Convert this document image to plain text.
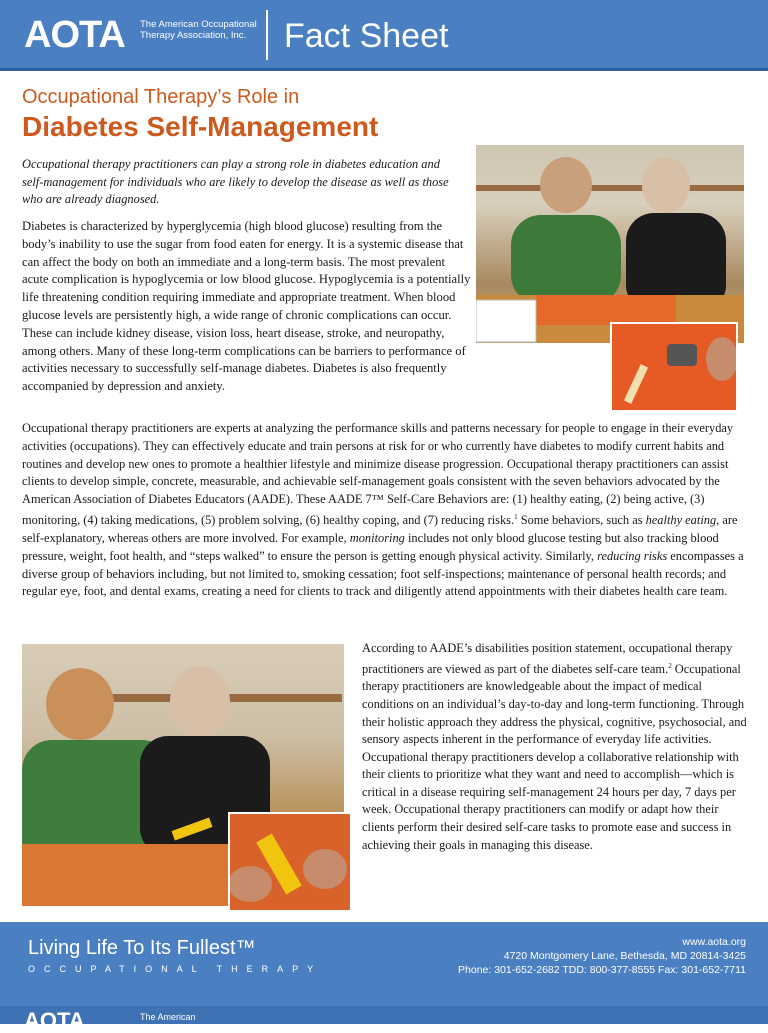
AOTA The American Occupational Therapy Association, Inc.	Fact Sheet
Occupational Therapy’s Role in
Diabetes Self-Management

Occupational therapy practitioners can play a strong role in diabetes education and self-management for individuals who are likely to develop the disease as well as those who are already diagnosed.

Diabetes is characterized by hyperglycemia (high blood glucose) resulting from the body’s inability to use the sugar from food eaten for energy. It is a systemic disease that can affect the body on both an immediate and a long-term basis. The most prevalent acute complication is hypoglycemia or low blood glucose. Hypoglycemia is a potentially life threatening condition requiring immediate and appropriate treatment. When blood glucose levels are persistently high, a wide range of chronic complications can occur. These can include kidney disease, vision loss, heart disease, stroke, and neuropathy, among others. Many of these long-term complications can be barriers to performance of activities necessary to successfully self-manage diabetes. Diabetes is also frequently accompanied by depression and anxiety.

Occupational therapy practitioners are experts at analyzing the performance skills and patterns necessary for people to engage in their everyday activities (occupations). They can effectively educate and train persons at risk for or who currently have diabetes to modify current habits and routines and develop new ones to promote a healthier lifestyle and minimize disease progression. Occupational therapy practitioners can assist clients to develop simple, concrete, measurable, and achievable self-management goals consistent with the seven behaviors advocated by the American Association of Diabetes Educators (AADE). These AADE 7™ Self-Care Behaviors are: (1) healthy eating, (2) being active, (3) monitoring, (4) taking medications, (5) problem solving, (6) healthy coping, and (7) reducing risks.$^1$ Some behaviors, such as healthy eating, are self-explanatory, whereas others are more involved. For example, monitoring includes not only blood glucose testing but also tracking blood pressure, weight, foot health, and “steps walked” to ensure the person is getting enough physical activity. Similarly, reducing risks encompasses a diverse group of behaviors including, but not limited to, smoking cessation; foot self-inspections; maintenance of personal health records; and regular eye, foot, and dental exams, creating a need for clients to track and diligently attend appointments with their diabetes health care team.

According to AADE’s disabilities position statement, occupational therapy practitioners are viewed as part of the diabetes self-care team.$^2$ Occupational therapy practitioners are knowledgeable about the impact of medical conditions on an individual’s day-to-day and long-term functioning. Through their holistic approach they address the physical, cognitive, psychosocial, and sensory aspects inherent in the performance of everyday life activities. Occupational therapy practitioners develop a collaborative relationship with their clients to prioritize what they want and need to accomplish—which is critical in a disease requiring self-management 24 hours per day, 7 days per week. Occupational therapy practitioners can modify or adapt how their clients perform their desired self-care tasks to promote ease and success in achieving their goals in managing this disease.

Living Life To Its Fullest™
OCCUPATIONAL THERAPY
www.aota.org
4720 Montgomery Lane, Bethesda, MD 20814-3425
Phone: 301-652-2682 TDD: 800-377-8555 Fax: 301-652-7711
AOTA	The American
